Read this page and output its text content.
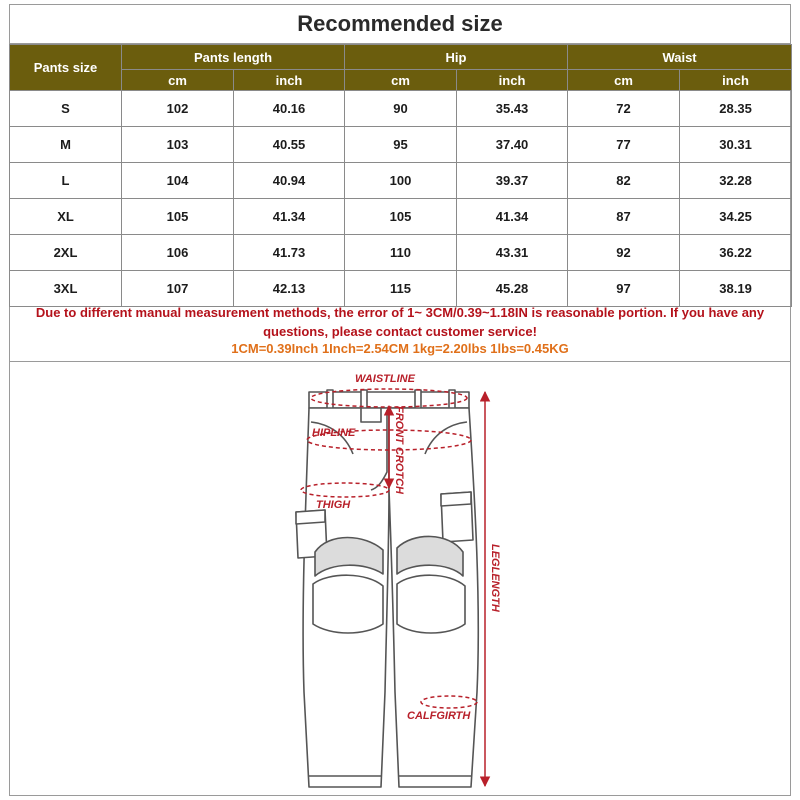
Recommended size
Pants size	Pants length		Hip		Waist	
	cm	inch	cm	inch	cm	inch
S	102	40.16	90	35.43	72	28.35
M	103	40.55	95	37.40	77	30.31
L	104	40.94	100	39.37	82	32.28
XL	105	41.34	105	41.34	87	34.25
2XL	106	41.73	110	43.31	92	36.22
3XL	107	42.13	115	45.28	97	38.19
Due to different manual measurement methods, the error of 1~ 3CM/0.39~1.18IN is reasonable portion. If you have any questions, please contact customer service!
1CM=0.39Inch 1Inch=2.54CM 1kg=2.20lbs 1lbs=0.45KG
WAISTLINE
HIPLINE	FRONT CROTCH
THIGH
LEGLENGTH
CALFGIRTH
